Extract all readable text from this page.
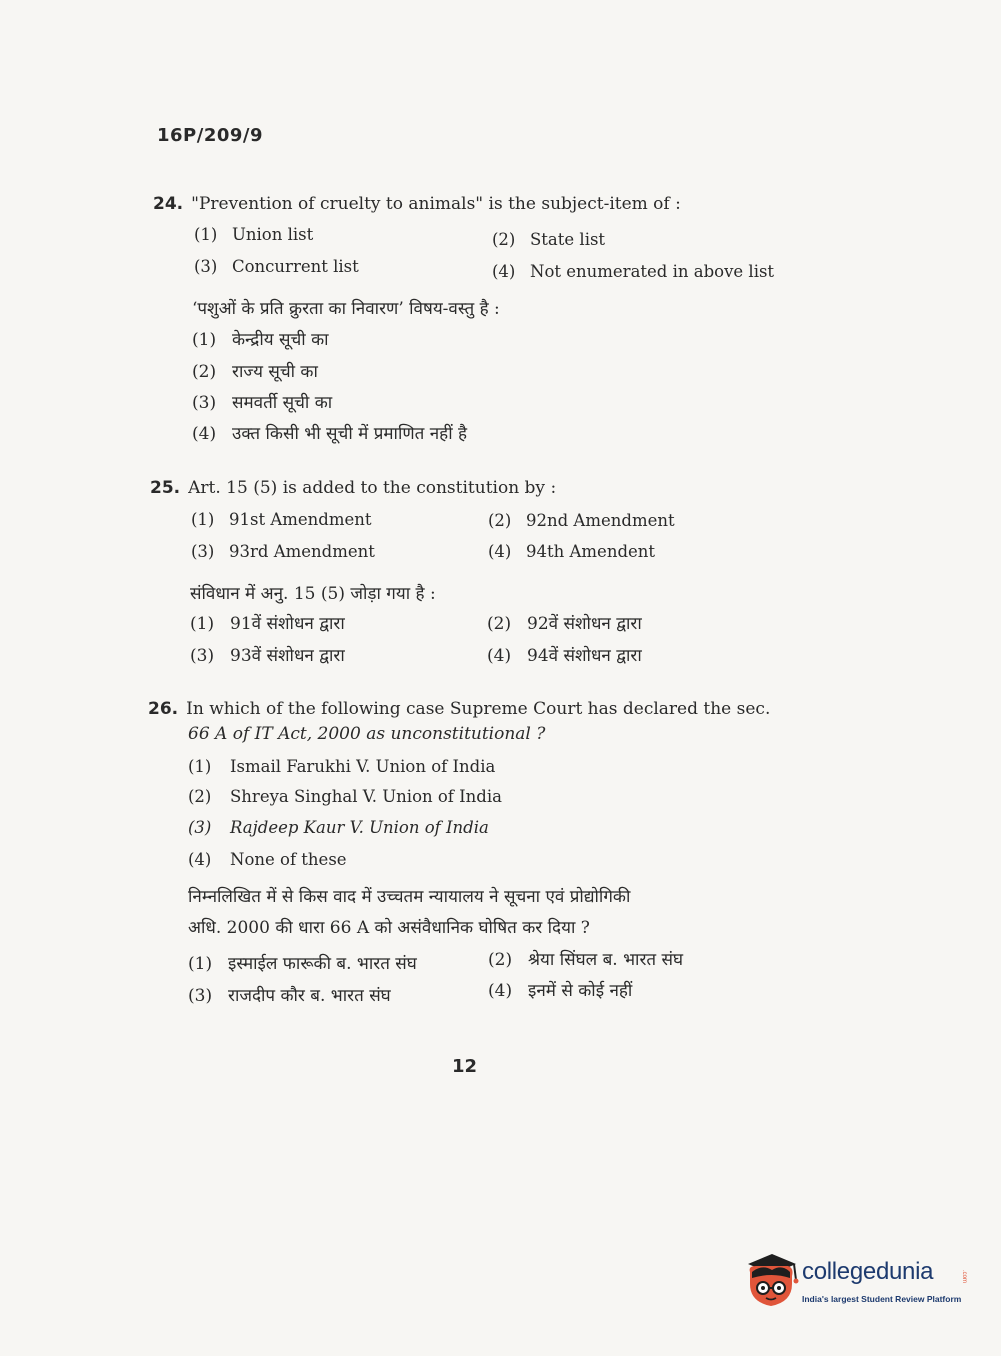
16P/209/9
24. "Prevention of cruelty to animals" is the subject-item of :
(1) Union list	(2) State list
(3) Concurrent list	(4) Not enumerated in above list
‘पशुओं के प्रति क्रुरता का निवारण’ विषय-वस्तु है :
(1) केन्द्रीय सूची का
(2) राज्य सूची का
(3) समवर्ती सूची का
(4) उक्त किसी भी सूची में प्रमाणित नहीं है
25. Art. 15 (5) is added to the constitution by :
(1) 91st Amendment	(2) 92nd Amendment
(3) 93rd Amendment	(4) 94th Amendent
संविधान में अनु. 15 (5) जोड़ा गया है :
(1) 91वें संशोधन द्वारा	(2) 92वें संशोधन द्वारा
(3) 93वें संशोधन द्वारा	(4) 94वें संशोधन द्वारा
26. In which of the following case Supreme Court has declared the sec.
66 A of IT Act, 2000 as unconstitutional ?
(1) Ismail Farukhi V. Union of India
(2) Shreya Singhal V. Union of India
(3) Rajdeep Kaur V. Union of India
(4) None of these
निम्नलिखित में से किस वाद में उच्चतम न्यायालय ने सूचना एवं प्रोद्योगिकी
अधि. 2000 की धारा 66 A को असंवैधानिक घोषित कर दिया ?
(1) इस्माईल फारूकी ब. भारत संघ	(2) श्रेया सिंघल ब. भारत संघ
(3) राजदीप कौर ब. भारत संघ	(4) इनमें से कोई नहीं
12
collegedunia	.com
India's largest Student Review Platform
